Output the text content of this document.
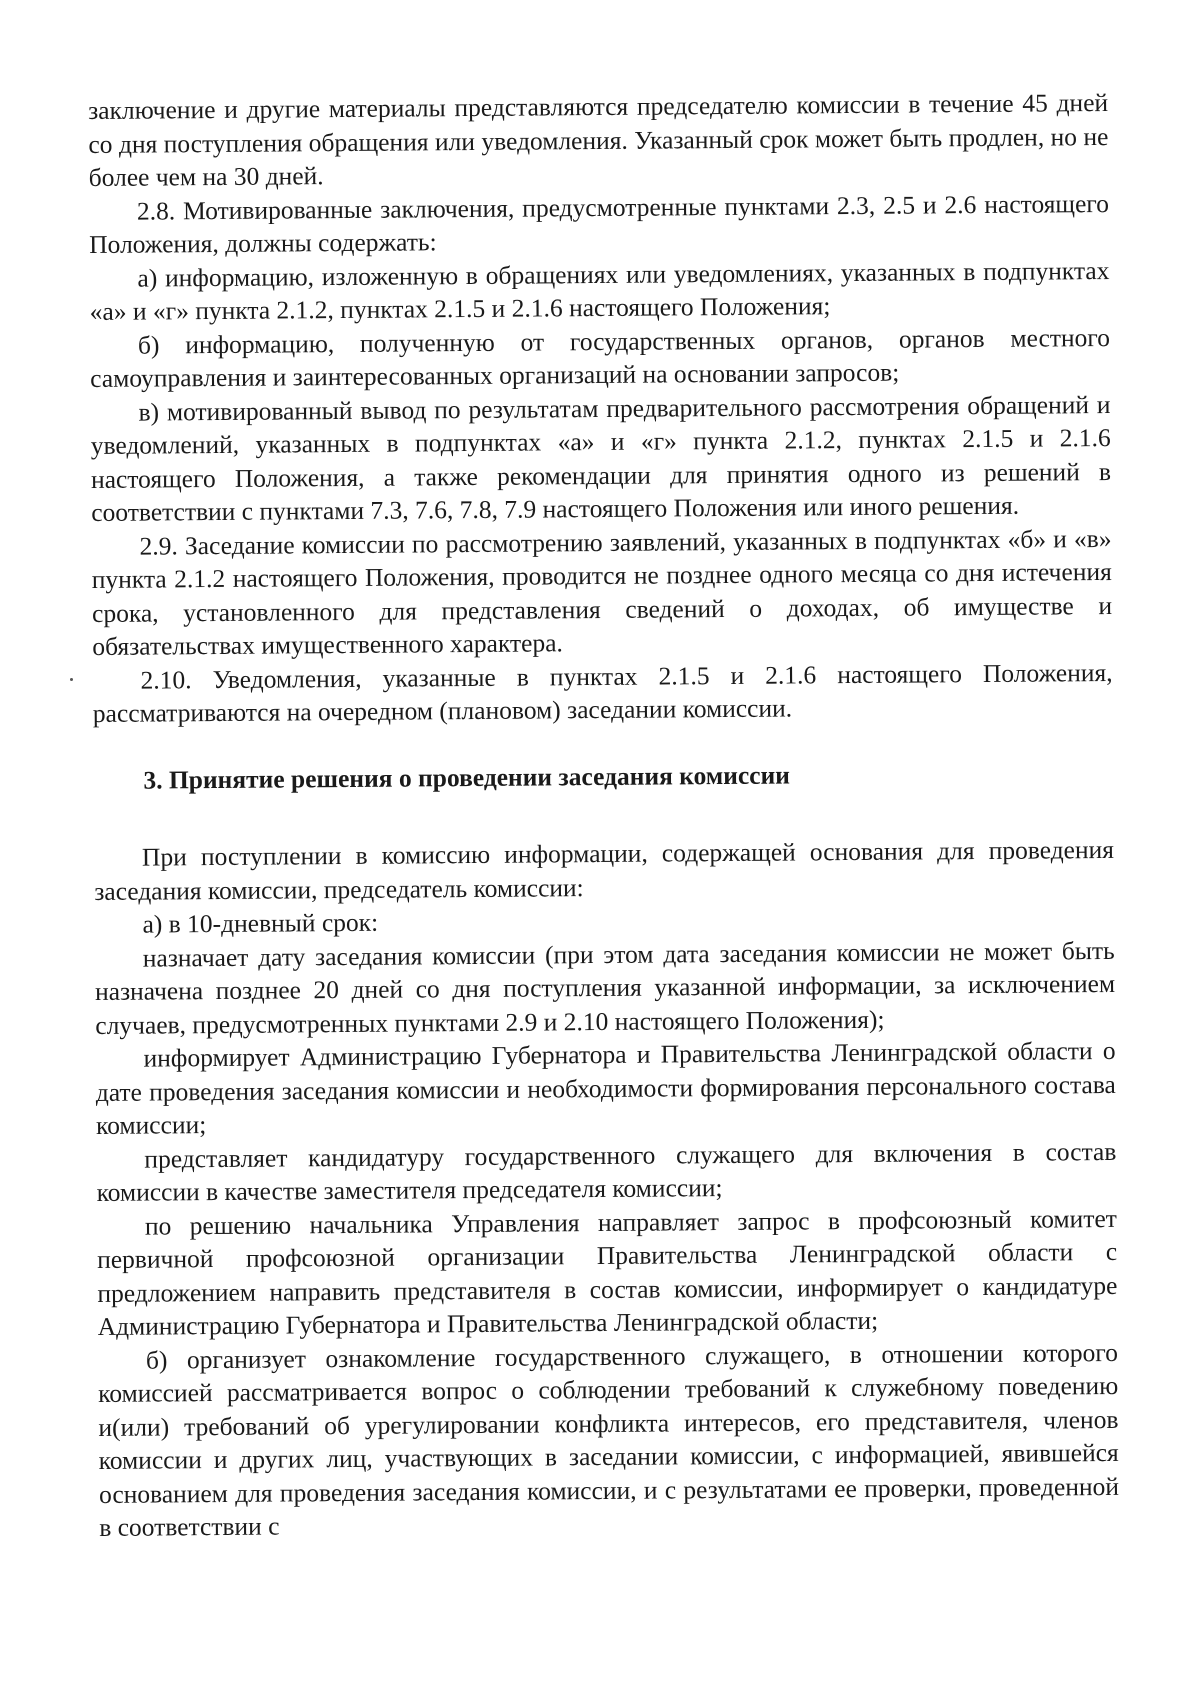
заключение и другие материалы представляются председателю комиссии в течение 45 дней со дня поступления обращения или уведомления. Указанный срок может быть продлен, но не более чем на 30 дней.

2.8. Мотивированные заключения, предусмотренные пунктами 2.3, 2.5 и 2.6 настоящего Положения, должны содержать:

а) информацию, изложенную в обращениях или уведомлениях, указанных в подпунктах «а» и «г» пункта 2.1.2, пунктах 2.1.5 и 2.1.6 настоящего Положения;

б) информацию, полученную от государственных органов, органов местного самоуправления и заинтересованных организаций на основании запросов;

в) мотивированный вывод по результатам предварительного рассмотрения обращений и уведомлений, указанных в подпунктах «а» и «г» пункта 2.1.2, пунктах 2.1.5 и 2.1.6 настоящего Положения, а также рекомендации для принятия одного из решений в соответствии с пунктами 7.3, 7.6, 7.8, 7.9 настоящего Положения или иного решения.

2.9. Заседание комиссии по рассмотрению заявлений, указанных в подпунктах «б» и «в» пункта 2.1.2 настоящего Положения, проводится не позднее одного месяца со дня истечения срока, установленного для представления сведений о доходах, об имуществе и обязательствах имущественного характера.

2.10. Уведомления, указанные в пунктах 2.1.5 и 2.1.6 настоящего Положения, рассматриваются на очередном (плановом) заседании комиссии.

3. Принятие решения о проведении заседания комиссии

При поступлении в комиссию информации, содержащей основания для проведения заседания комиссии, председатель комиссии:

а) в 10-дневный срок:

назначает дату заседания комиссии (при этом дата заседания комиссии не может быть назначена позднее 20 дней со дня поступления указанной информации, за исключением случаев, предусмотренных пунктами 2.9 и 2.10 настоящего Положения);

информирует Администрацию Губернатора и Правительства Ленинградской области о дате проведения заседания комиссии и необходимости формирования персонального состава комиссии;

представляет кандидатуру государственного служащего для включения в состав комиссии в качестве заместителя председателя комиссии;

по решению начальника Управления направляет запрос в профсоюзный комитет первичной профсоюзной организации Правительства Ленинградской области с предложением направить представителя в состав комиссии, информирует о кандидатуре Администрацию Губернатора и Правительства Ленинградской области;

б) организует ознакомление государственного служащего, в отношении которого комиссией рассматривается вопрос о соблюдении требований к служебному поведению и(или) требований об урегулировании конфликта интересов, его представителя, членов комиссии и других лиц, участвующих в заседании комиссии, с информацией, явившейся основанием для проведения заседания комиссии, и с результатами ее проверки, проведенной в соответствии с
